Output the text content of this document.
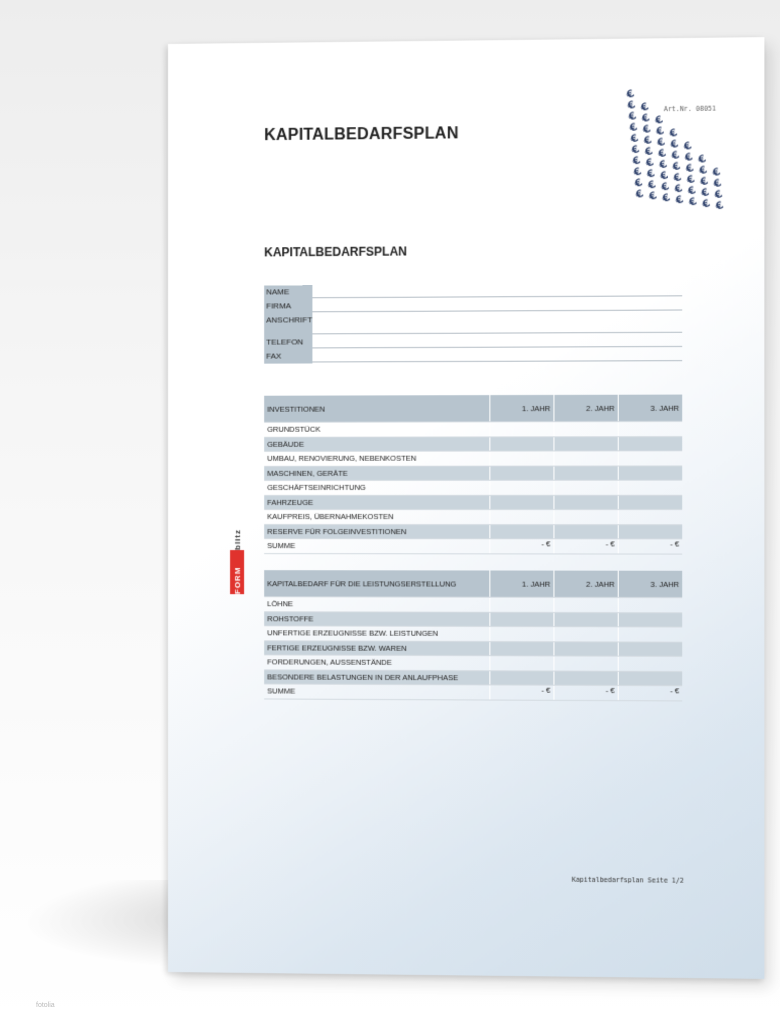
KAPITALBEDARFSPLAN
Art.Nr. 08051
€
€ €
€ € €
€ € € €
€ € € € €
€ € € € € €
€ € € € € € €
€ € € € € € €
€ € € € € € €
€ € € € € € €
KAPITALBEDARFSPLAN
NAME
FIRMA
ANSCHRIFT
TELEFON
FAX
INVESTITIONEN	1. JAHR	2. JAHR	3. JAHR
GRUNDSTÜCK			
GEBÄUDE			
UMBAU, RENOVIERUNG, NEBENKOSTEN			
MASCHINEN, GERÄTE			
GESCHÄFTSEINRICHTUNG			
FAHRZEUGE			
KAUFPREIS, ÜBERNAHMEKOSTEN			
RESERVE FÜR FOLGEINVESTITIONEN			
SUMME	- €	- €	- €
KAPITALBEDARF FÜR DIE LEISTUNGSERSTELLUNG	1. JAHR	2. JAHR	3. JAHR
LÖHNE			
ROHSTOFFE			
UNFERTIGE ERZEUGNISSE BZW. LEISTUNGEN			
FERTIGE ERZEUGNISSE BZW. WAREN			
FORDERUNGEN, AUSSENSTÄNDE			
BESONDERE BELASTUNGEN IN DER ANLAUFPHASE			
SUMME	- €	- €	- €
FORM
blitz
Kapitalbedarfsplan Seite 1/2
fotolia
